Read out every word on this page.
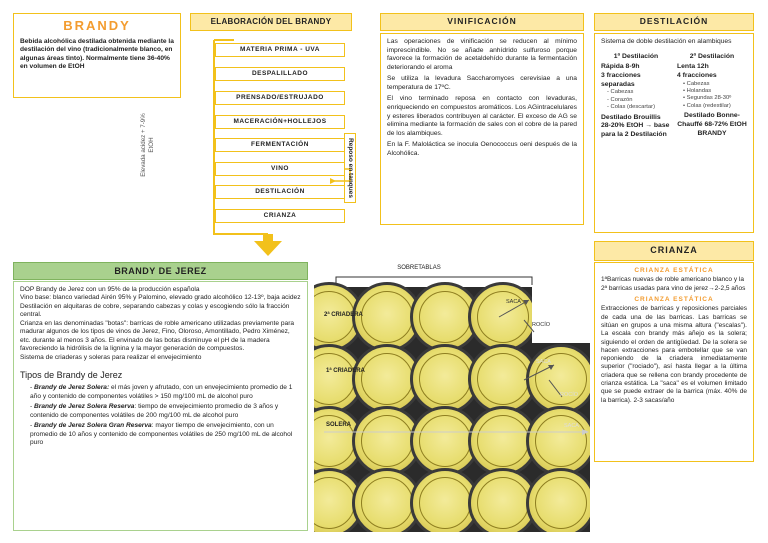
BRANDY
Bebida alcohólica destilada obtenida mediante la destilación del vino (tradicionalmente blanco, en algunas áreas tinto). Normalmente tiene 36-40% en volumen de EtOH
ELABORACIÓN DEL BRANDY
MATERIA PRIMA - UVA
DESPALILLADO
PRENSADO/ESTRUJADO
MACERACIÓN+HOLLEJOS
FERMENTACIÓN
VINO
DESTILACIÓN
CRIANZA
Elevada acidez + 7-9% EtOH	Reposo en tanques
VINIFICACIÓN

Las operaciones de vinificación se reducen al mínimo imprescindible. No se añade anhídrido sulfuroso porque favorece la formación de acetaldehído durante la fermentación deteriorando el aroma

Se utiliza la levadura Saccharomyces cerevisiae a una temperatura de 17ºC.

El vino terminado reposa en contacto con levaduras, enriqueciendo en compuestos aromáticos. Los AGintracelulares y esteres liberados contribuyen al carácter. El exceso de AG se elimina mediante la formación de sales con el cobre de la pared de los alambiques.

En la F. Maloláctica se inocula Oenococcus oeni después de la Alcohólica.

DESTILACIÓN
Sistema de doble destilación en alambiques
1ª Destilación
Rápida 8-9h
3 fracciones separadas
- Cabezas
- Corazón
- Colas (descartar)
Destilado Brouillis 28-20% EtOH → base para la 2 Destilación
2ª Destilación
Lenta 12h
4 fracciones
• Cabezas
• Holandas
• Segundas 28-30º
• Colas (redestilar)
Destilado Bonne-Chauffé 68-72% EtOH BRANDY
CRIANZA
CRIANZA ESTÁTICA
1ªBarricas nuevas de roble americano blanco y la 2ª barricas usadas para vino de jerez→2-2,5 años
CRIANZA ESTÁTICA
Extracciones de barricas y reposiciones parciales de cada una de las barricas. Las barricas se sitúan en grupos a una misma altura ("escalas"). La escala con brandy más añejo es la solera; siguiendo el orden de antigüedad. De la solera se hacen extracciones para embotellar que se van reponiendo de la criadera inmediatamente superior ("rociado"), así hasta llegar a la última criadera que se rellena con brandy procedente de crianza estática. La "saca" es el volumen limitado que se puede extraer de la barrica (máx. 40% de la barrica). 2-3 sacas/año
BRANDY DE JEREZ
DOP Brandy de Jerez con un 95% de la producción española
Vino base: blanco variedad Airén 95% y Palomino, elevado grado alcohólico 12-13º, baja acidez
Destilación en alquitaras de cobre, separando cabezas y colas y escogiendo sólo la fracción central.
Crianza en las denominadas "botas": barricas de roble americano utilizadas previamente para madurar algunos de los tipos de vinos de Jerez, Fino, Oloroso, Amontillado, Pedro Ximénez, etc. durante al menos 3 años. El envinado de las botas disminuye el pH de la madera favoreciendo la hidrólisis de la lignina y la mayor generación de compuestos.
Sistema de criaderas y soleras para realizar el envejecimiento
Tipos de Brandy de Jerez
- Brandy de Jerez Solera: el más joven y afrutado, con un envejecimiento promedio de 1 año y contenido de componentes volátiles > 150 mg/100 mL de alcohol puro
- Brandy de Jerez Solera Reserva: tiempo de envejecimiento promedio de 3 años y contenido de componentes volátiles de 200 mg/100 mL de alcohol puro
- Brandy de Jerez Solera Gran Reserva: mayor tiempo de envejecimiento, con un promedio de 10 años y contenido de componentes volátiles de 250 mg/100 mL de alcohol puro
SOBRETABLAS
2ª CRIADERA
1ª CRIADERA
SOLERA
SACA
ROCÍO
SACA
ROCÍO
SACA
